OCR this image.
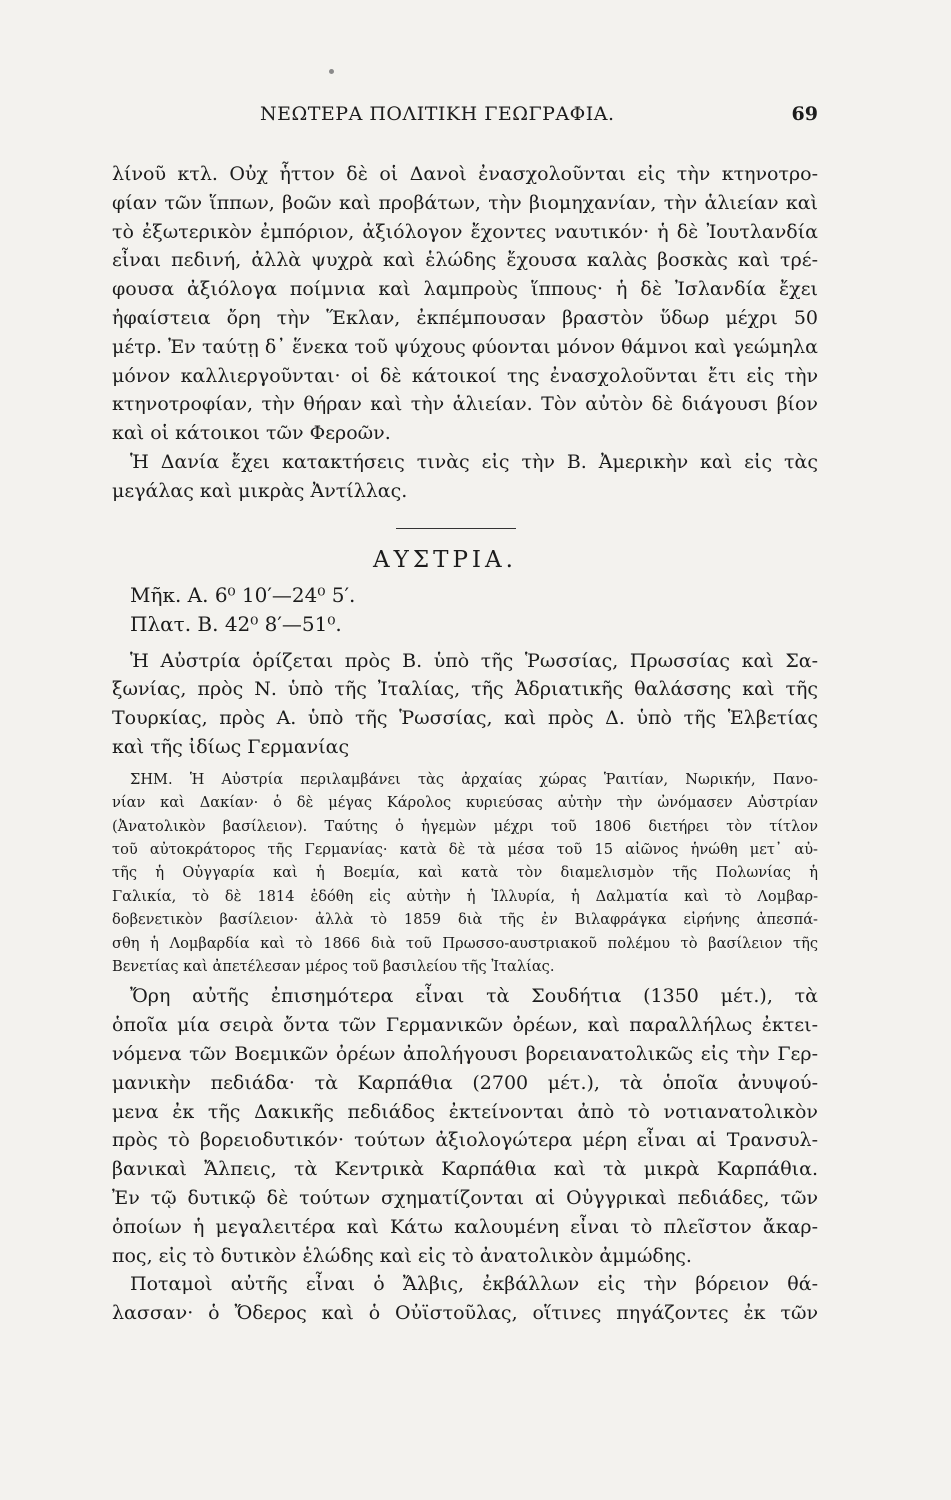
ΝΕΩΤΕΡΑ ΠΟΛΙΤΙΚΗ ΓΕΩΓΡΑΦΙΑ.	69
λίνοῦ κτλ. Οὐχ ἧττον δὲ οἱ Δανοὶ ἐνασχολοῦνται εἰς τὴν κτηνοτρο-
φίαν τῶν ἵππων, βοῶν καὶ προβάτων, τὴν βιομηχανίαν, τὴν ἁλιείαν καὶ
τὸ ἐξωτερικὸν ἐμπόριον, ἀξιόλογον ἔχοντες ναυτικόν· ἡ δὲ Ἰουτλανδία
εἶναι πεδινή, ἀλλὰ ψυχρὰ καὶ ἑλώδης ἔχουσα καλὰς βοσκὰς καὶ τρέ-
φουσα ἀξιόλογα ποίμνια καὶ λαμπροὺς ἵππους· ἡ δὲ Ἰσλανδία ἔχει
ἠφαίστεια ὄρη τὴν Ἕκλαν, ἐκπέμπουσαν βραστὸν ὕδωρ μέχρι 50
μέτρ. Ἐν ταύτῃ δ᾽ ἕνεκα τοῦ ψύχους φύονται μόνον θάμνοι καὶ γεώμηλα
μόνον καλλιεργοῦνται· οἱ δὲ κάτοικοί της ἐνασχολοῦνται ἔτι εἰς τὴν
κτηνοτροφίαν, τὴν θήραν καὶ τὴν ἁλιείαν. Τὸν αὐτὸν δὲ διάγουσι βίον
καὶ οἱ κάτοικοι τῶν Φεροῶν.
Ἡ Δανία ἔχει κατακτήσεις τινὰς εἰς τὴν Β. Ἀμερικὴν καὶ εἰς τὰς
μεγάλας καὶ μικρὰς Ἀντίλλας.
ΑΥΣΤΡΙΑ.
Μῆκ. Α. 6⁰ 10′—24⁰ 5′.
Πλατ. Β. 42⁰ 8′—51⁰.
Ἡ Αὐστρία ὁρίζεται πρὸς Β. ὑπὸ τῆς Ῥωσσίας, Πρωσσίας καὶ Σα-
ξωνίας, πρὸς Ν. ὑπὸ τῆς Ἰταλίας, τῆς Ἀδριατικῆς θαλάσσης καὶ τῆς
Τουρκίας, πρὸς Α. ὑπὸ τῆς Ῥωσσίας, καὶ πρὸς Δ. ὑπὸ τῆς Ἑλβετίας
καὶ τῆς ἰδίως Γερμανίας
ΣΗΜ. Ἡ Αὐστρία περιλαμβάνει τὰς ἀρχαίας χώρας Ῥαιτίαν, Νωρικήν, Πανο-
νίαν καὶ Δακίαν· ὁ δὲ μέγας Κάρολος κυριεύσας αὐτὴν τὴν ὠνόμασεν Αὐστρίαν
(Ἀνατολικὸν βασίλειον). Ταύτης ὁ ἡγεμὼν μέχρι τοῦ 1806 διετήρει τὸν τίτλον
τοῦ αὐτοκράτορος τῆς Γερμανίας· κατὰ δὲ τὰ μέσα τοῦ 15 αἰῶνος ἡνώθη μετ᾽ αὐ-
τῆς ἡ Οὐγγαρία καὶ ἡ Βοεμία, καὶ κατὰ τὸν διαμελισμὸν τῆς Πολωνίας ἡ
Γαλικία, τὸ δὲ 1814 ἐδόθη εἰς αὐτὴν ἡ Ἰλλυρία, ἡ Δαλματία καὶ τὸ Λομβαρ-
δοβενετικὸν βασίλειον· ἀλλὰ τὸ 1859 διὰ τῆς ἐν Βιλαφράγκα εἰρήνης ἀπεσπά-
σθη ἡ Λομβαρδία καὶ τὸ 1866 διὰ τοῦ Πρωσσο-αυστριακοῦ πολέμου τὸ βασίλειον τῆς
Βενετίας καὶ ἀπετέλεσαν μέρος τοῦ βασιλείου τῆς Ἰταλίας.
Ὄρη αὐτῆς ἐπισημότερα εἶναι τὰ Σουδήτια (1350 μέτ.), τὰ
ὁποῖα μία σειρὰ ὄντα τῶν Γερμανικῶν ὀρέων, καὶ παραλλήλως ἐκτει-
νόμενα τῶν Βοεμικῶν ὀρέων ἀπολήγουσι βορειανατολικῶς εἰς τὴν Γερ-
μανικὴν πεδιάδα· τὰ Καρπάθια (2700 μέτ.), τὰ ὁποῖα ἀνυψού-
μενα ἐκ τῆς Δακικῆς πεδιάδος ἐκτείνονται ἀπὸ τὸ νοτιανατολικὸν
πρὸς τὸ βορειοδυτικόν· τούτων ἀξιολογώτερα μέρη εἶναι αἱ Τρανσυλ-
βανικαὶ Ἄλπεις, τὰ Κεντρικὰ Καρπάθια καὶ τὰ μικρὰ Καρπάθια.
Ἐν τῷ δυτικῷ δὲ τούτων σχηματίζονται αἱ Οὐγγρικαὶ πεδιάδες, τῶν
ὁποίων ἡ μεγαλειτέρα καὶ Κάτω καλουμένη εἶναι τὸ πλεῖστον ἄκαρ-
πος, εἰς τὸ δυτικὸν ἑλώδης καὶ εἰς τὸ ἀνατολικὸν ἀμμώδης.
Ποταμοὶ αὐτῆς εἶναι ὁ Ἄλβις, ἐκβάλλων εἰς τὴν βόρειον θά-
λασσαν· ὁ Ὄδερος καὶ ὁ Οὐϊστοῦλας, οἵτινες πηγάζοντες ἐκ τῶν
